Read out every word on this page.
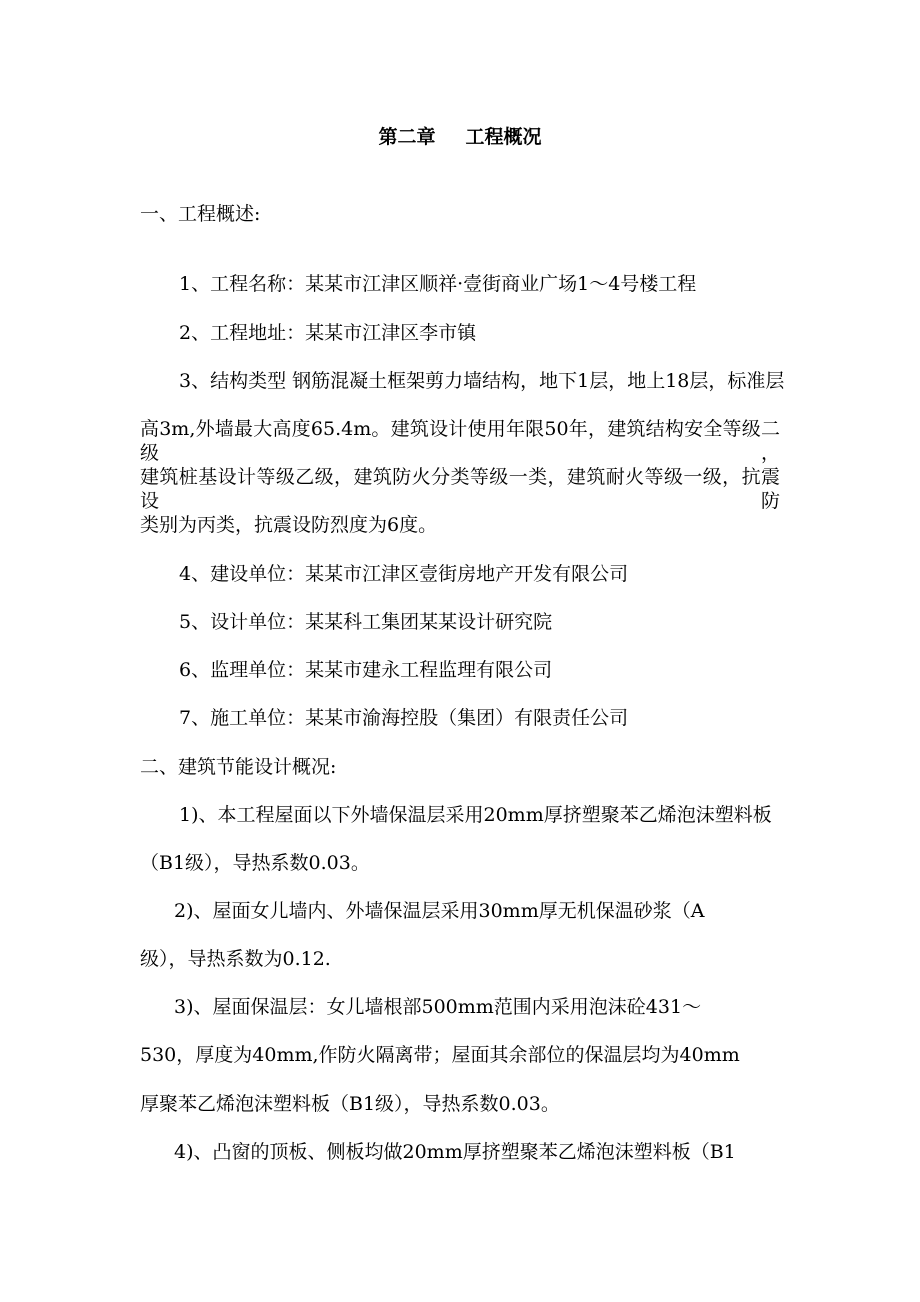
第二章 工程概况
一、工程概述:
1、工程名称：某某市江津区顺祥·壹街商业广场1～4号楼工程
2、工程地址：某某市江津区李市镇
3、结构类型 钢筋混凝土框架剪力墙结构，地下1层，地上18层，标准层
高3m,外墙最大高度65.4m。建筑设计使用年限50年，建筑结构安全等级二级，
建筑桩基设计等级乙级，建筑防火分类等级一类，建筑耐火等级一级，抗震设防
类别为丙类，抗震设防烈度为6度。
4、建设单位：某某市江津区壹街房地产开发有限公司
5、设计单位：某某科工集团某某设计研究院
6、监理单位：某某市建永工程监理有限公司
7、施工单位：某某市渝海控股（集团）有限责任公司
二、建筑节能设计概况:
1)、本工程屋面以下外墙保温层采用20mm厚挤塑聚苯乙烯泡沫塑料板
（B1级），导热系数0.03。
2)、屋面女儿墙内、外墙保温层采用30mm厚无机保温砂浆（A
级），导热系数为0.12.
3)、屋面保温层：女儿墙根部500mm范围内采用泡沫砼431～
530，厚度为40mm,作防火隔离带；屋面其余部位的保温层均为40mm
厚聚苯乙烯泡沫塑料板（B1级），导热系数0.03。
4)、凸窗的顶板、侧板均做20mm厚挤塑聚苯乙烯泡沫塑料板（B1
